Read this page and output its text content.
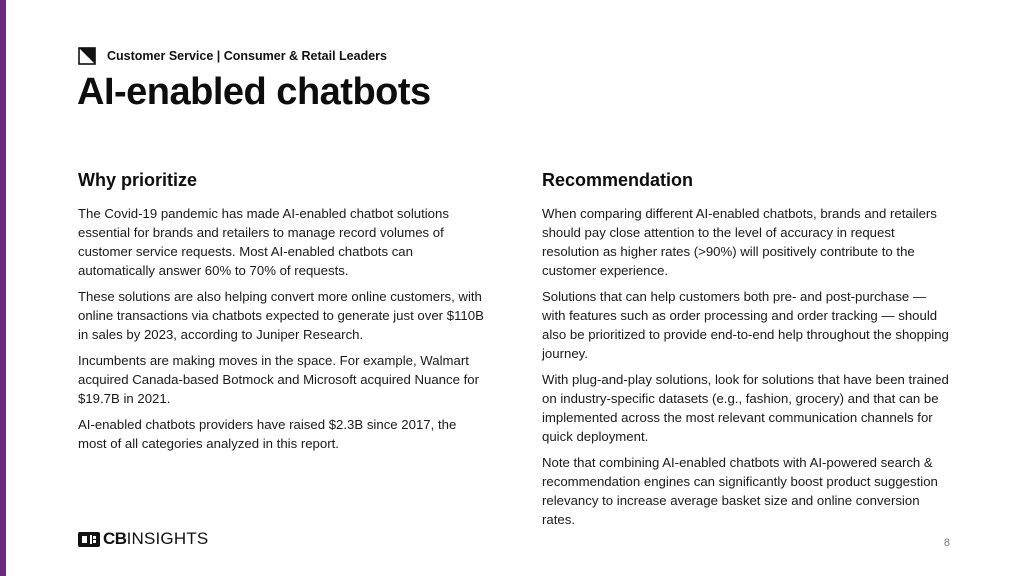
Customer Service | Consumer & Retail Leaders
AI-enabled chatbots
Why prioritize

The Covid-19 pandemic has made AI-enabled chatbot solutions essential for brands and retailers to manage record volumes of customer service requests. Most AI-enabled chatbots can automatically answer 60% to 70% of requests.

These solutions are also helping convert more online customers, with online transactions via chatbots expected to generate just over $110B in sales by 2023, according to Juniper Research.

Incumbents are making moves in the space. For example, Walmart acquired Canada-based Botmock and Microsoft acquired Nuance for $19.7B in 2021.

AI-enabled chatbots providers have raised $2.3B since 2017, the most of all categories analyzed in this report.

Recommendation

When comparing different AI-enabled chatbots, brands and retailers should pay close attention to the level of accuracy in request resolution as higher rates (>90%) will positively contribute to the customer experience.

Solutions that can help customers both pre- and post-purchase — with features such as order processing and order tracking — should also be prioritized to provide end-to-end help throughout the shopping journey.

With plug-and-play solutions, look for solutions that have been trained on industry-specific datasets (e.g., fashion, grocery) and that can be implemented across the most relevant communication channels for quick deployment.

Note that combining AI-enabled chatbots with AI-powered search & recommendation engines can significantly boost product suggestion relevancy to increase average basket size and online conversion rates.

CB INSIGHTS	8
